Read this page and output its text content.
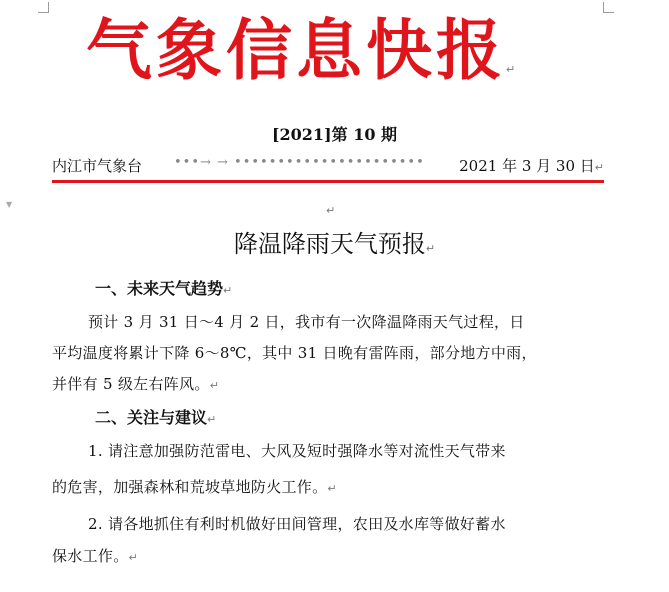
▼
气象信息快报↵
[2021]第 10 期
内江市气象台 •••→ → •••••••••••••••••••••• 2021 年 3 月 30 日↵
↵
降温降雨天气预报↵
一、未来天气趋势↵
预计 3 月 31 日～4 月 2 日，我市有一次降温降雨天气过程，日
平均温度将累计下降 6～8℃，其中 31 日晚有雷阵雨，部分地方中雨，
并伴有 5 级左右阵风。↵
二、关注与建议↵
1. 请注意加强防范雷电、大风及短时强降水等对流性天气带来
的危害，加强森林和荒坡草地防火工作。↵
2. 请各地抓住有利时机做好田间管理，农田及水库等做好蓄水
保水工作。↵
